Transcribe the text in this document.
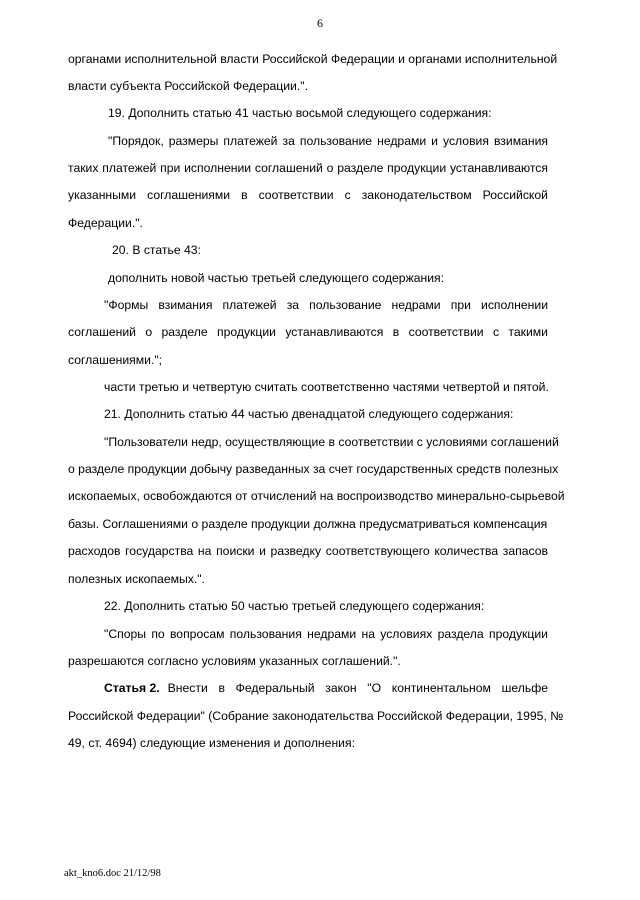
6
органами исполнительной власти Российской Федерации и органами исполнительной
власти субъекта Российской Федерации.".
19. Дополнить статью 41 частью восьмой следующего содержания:
"Порядок, размеры платежей за пользование недрами и условия взимания
таких платежей при исполнении соглашений о разделе продукции устанавливаются
указанными соглашениями в соответствии с законодательством Российской
Федерации.".
20. В статье 43:
дополнить новой частью третьей следующего содержания:
"Формы взимания платежей за пользование недрами при исполнении
соглашений о разделе продукции устанавливаются в соответствии с такими
соглашениями.";
части третью и четвертую считать соответственно частями четвертой и пятой.
21. Дополнить статью 44 частью двенадцатой следующего содержания:
"Пользователи недр, осуществляющие в соответствии с условиями соглашений
о разделе продукции добычу разведанных за счет государственных средств полезных
ископаемых, освобождаются от отчислений на воспроизводство минерально-сырьевой
базы. Соглашениями о разделе продукции должна предусматриваться компенсация
расходов государства на поиски и разведку соответствующего количества запасов
полезных ископаемых.".
22. Дополнить статью 50 частью третьей следующего содержания:
"Споры по вопросам пользования недрами на условиях раздела продукции
разрешаются согласно условиям указанных соглашений.".
Статья 2. Внести в Федеральный закон "О континентальном шельфе
Российской Федерации" (Собрание законодательства Российской Федерации, 1995, №
49, ст. 4694) следующие изменения и дополнения:
akt_kno6.doc 21/12/98
